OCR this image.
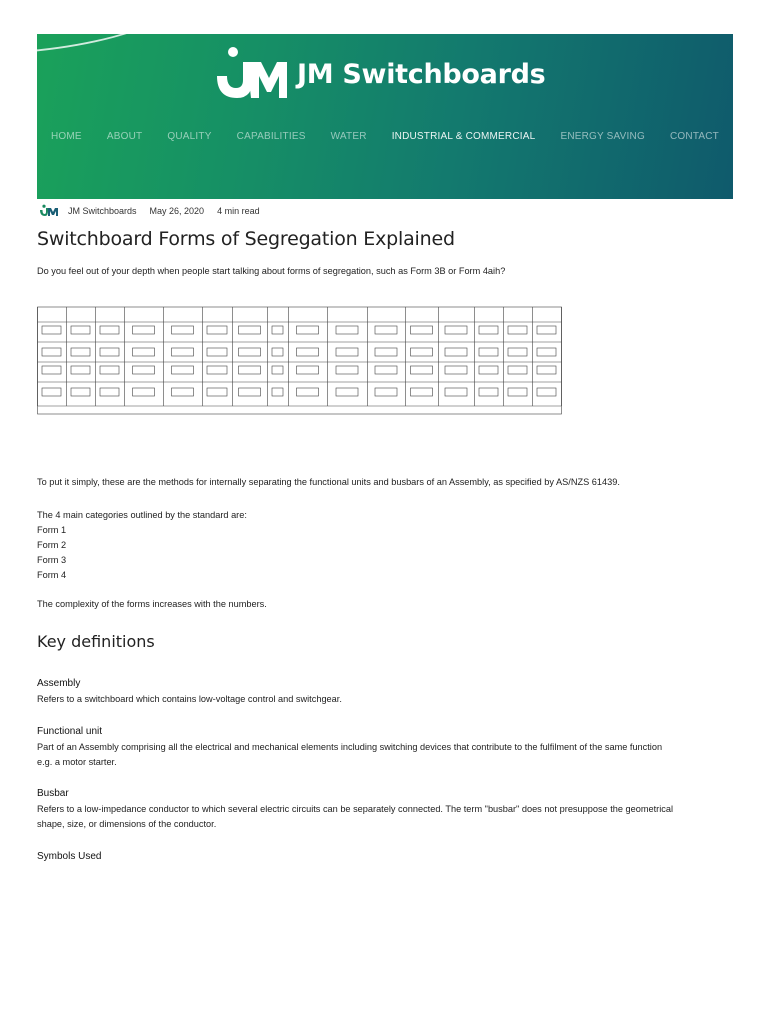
JM Switchboards
HOME	ABOUT	QUALITY	CAPABILITIES	WATER	INDUSTRIAL & COMMERCIAL	ENERGY SAVING	CONTACT
JM Switchboards May 26, 2020 4 min read
Switchboard Forms of Segregation Explained

Do you feel out of your depth when people start talking about forms of segregation, such as Form 3B or Form 4aih?

To put it simply, these are the methods for internally separating the functional units and busbars of an Assembly, as specified by AS/NZS 61439.

The 4 main categories outlined by the standard are:

Form 1

Form 2

Form 3

Form 4

The complexity of the forms increases with the numbers.

Key definitions
Assembly

Refers to a switchboard which contains low-voltage control and switchgear.

Functional unit

Part of an Assembly comprising all the electrical and mechanical elements including switching devices that contribute to the fulfilment of the same function

e.g. a motor starter.

Busbar

Refers to a low-impedance conductor to which several electric circuits can be separately connected. The term "busbar" does not presuppose the geometrical

shape, size, or dimensions of the conductor.

Symbols Used
